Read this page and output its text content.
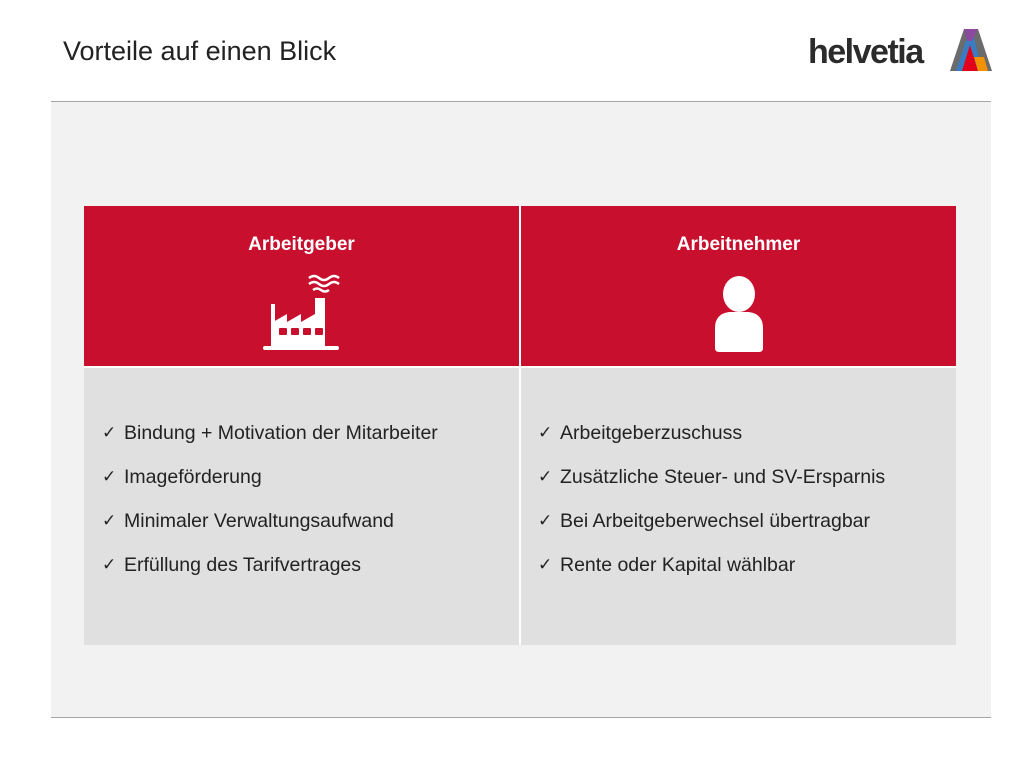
Vorteile auf einen Blick	helvetia
Arbeitgeber	Arbeitnehmer
✓ Bindung + Motivation der Mitarbeiter
✓ Imageförderung
✓ Minimaler Verwaltungsaufwand
✓ Erfüllung des Tarifvertrages
✓ Arbeitgeberzuschuss
✓ Zusätzliche Steuer- und SV-Ersparnis
✓ Bei Arbeitgeberwechsel übertragbar
✓ Rente oder Kapital wählbar
